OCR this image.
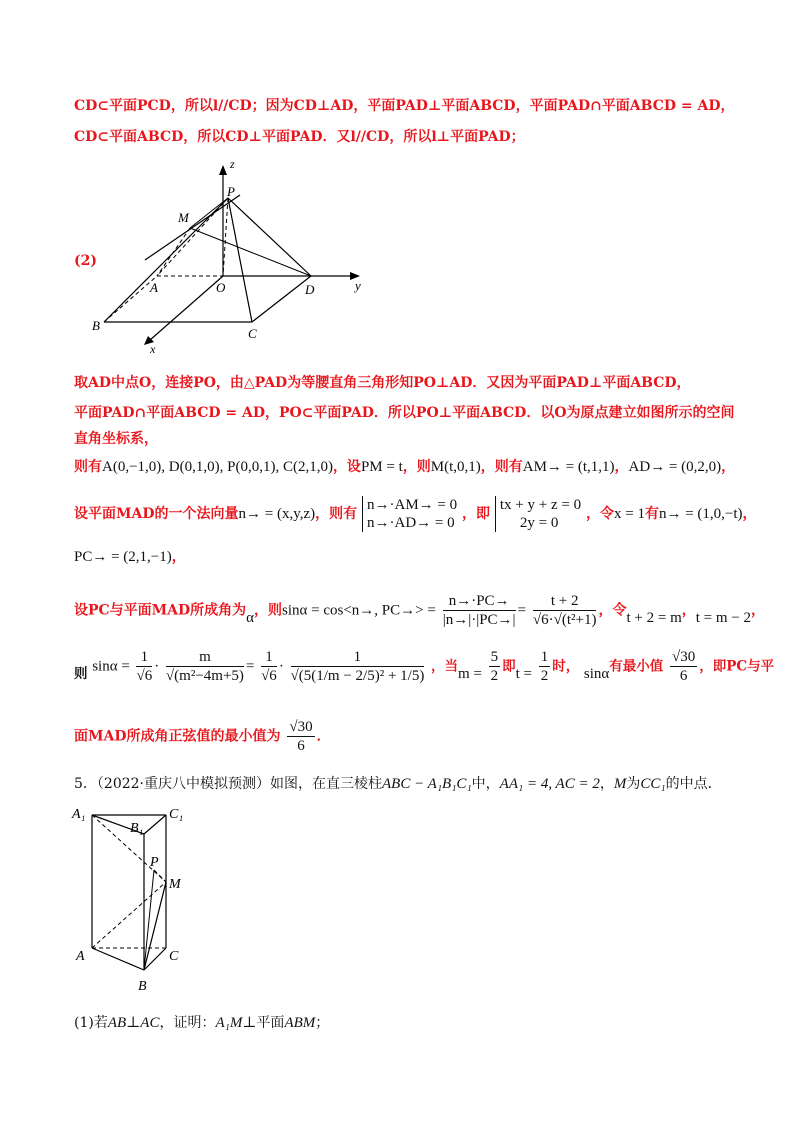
CD⊂平面PCD，所以l//CD；因为CD⊥AD，平面PAD⊥平面ABCD，平面PAD∩平面ABCD = AD，
CD⊂平面ABCD，所以CD⊥平面PAD．又l//CD，所以l⊥平面PAD；
(2)
z
P
M
A	O	D	y
B
C
x
取AD中点O，连接PO，由△PAD为等腰直角三角形知PO⊥AD．又因为平面PAD⊥平面ABCD，
平面PAD∩平面ABCD = AD，PO⊂平面PAD．所以PO⊥平面ABCD．以O为原点建立如图所示的空间
直角坐标系，
则有A(0,−1,0), D(0,1,0), P(0,0,1), C(2,1,0)，设PM = t，则M(t,0,1)，则有AM→ = (t,1,1)，AD→ = (0,2,0)，
设平面MAD的一个法向量n→ = (x,y,z)，则有
n→·AM→ = 0
n→·AD→ = 0
，即
tx + y + z = 0
2y = 0
，令x = 1有n→ = (1,0,−t)，
PC→ = (2,1,−1)，
设PC与平面MAD所成角为α，则sinα = cos<n→, $PC\to> = \frac{n\to\cdot PC\to}{|n\to|\cdot|PC\to|} = \frac{t + 2}{\text{√6·√(t²+1)}}$ ，令t + 2 = m，t = m − 2，
则 $\sin\alpha = \frac{1}{√6} \cdot \frac{m}{\text{√(m²−4m+5)}} = \frac{1}{√6} \cdot \frac{1}{\text{√(5(1/m − 2/5)² + 1/5)}}$ ，当$m = \frac{5}{2}$ 即$t = \frac{1}{2}$ 时， sinα有最小值 $\frac{√30}{6}$ ，即PC与平
面MAD所成角正弦值的最小值为 $\frac{√30}{6}$ ．
5．（2022·重庆八中模拟预测）如图，在直三棱柱ABC − A₁B₁C₁中，AA₁ = 4, AC = 2，M为CC₁的中点．
A₁
B₁
C₁
P
M
A	C
B
(1)若AB⊥AC，证明：A₁M⊥平面ABM；
